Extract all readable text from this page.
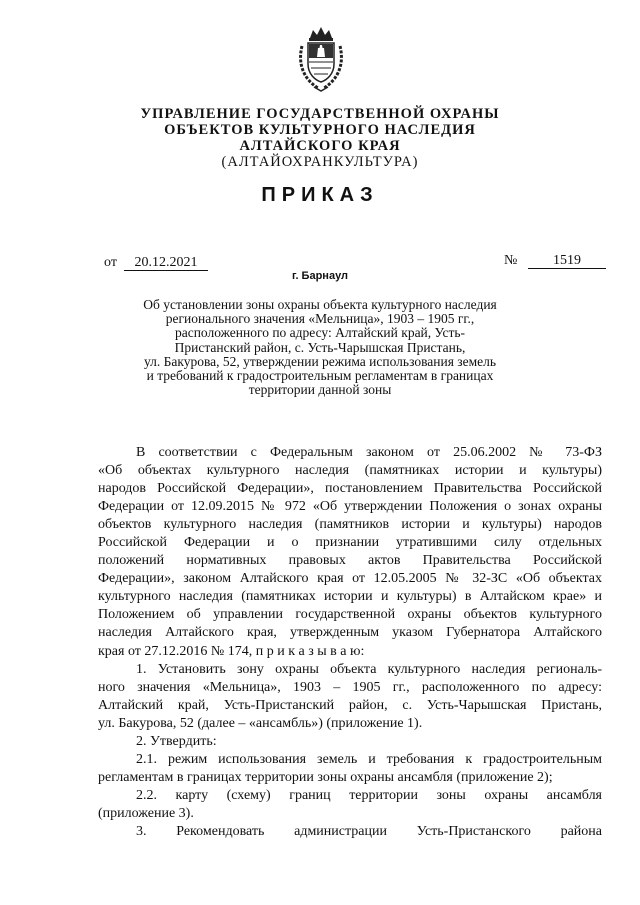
УПРАВЛЕНИЕ ГОСУДАРСТВЕННОЙ ОХРАНЫ
ОБЪЕКТОВ КУЛЬТУРНОГО НАСЛЕДИЯ
АЛТАЙСКОГО КРАЯ
(АЛТАЙОХРАНКУЛЬТУРА)
ПРИКАЗ
от	20.12.2021	№	1519
г. Барнаул
Об установлении зоны охраны объекта культурного наследия
регионального значения «Мельница», 1903 – 1905 гг.,
расположенного по адресу: Алтайский край, Усть-
Пристанский район, с. Усть-Чарышская Пристань,
ул. Бакурова, 52, утверждении режима использования земель
и требований к градостроительным регламентам в границах
территории данной зоны
В соответствии с Федеральным законом от 25.06.2002 № 73-ФЗ
«Об объектах культурного наследия (памятниках истории и культуры)
народов Российской Федерации», постановлением Правительства Российской
Федерации от 12.09.2015 № 972 «Об утверждении Положения о зонах охраны
объектов культурного наследия (памятников истории и культуры) народов
Российской Федерации и о признании утратившими силу отдельных
положений нормативных правовых актов Правительства Российской
Федерации», законом Алтайского края от 12.05.2005 № 32-ЗС «Об объектах
культурного наследия (памятниках истории и культуры) в Алтайском крае» и
Положением об управлении государственной охраны объектов культурного
наследия Алтайского края, утвержденным указом Губернатора Алтайского
края от 27.12.2016 № 174, п р и к а з ы в а ю:
1. Установить зону охраны объекта культурного наследия региональ-
ного значения «Мельница», 1903 – 1905 гг., расположенного по адресу:
Алтайский край, Усть-Пристанский район, с. Усть-Чарышская Пристань,
ул. Бакурова, 52 (далее – «ансамбль») (приложение 1).
2. Утвердить:
2.1. режим использования земель и требования к градостроительным
регламентам в границах территории зоны охраны ансамбля (приложение 2);
2.2. карту (схему) границ территории зоны охраны ансамбля
(приложение 3).
3. Рекомендовать администрации Усть-Пристанского района
